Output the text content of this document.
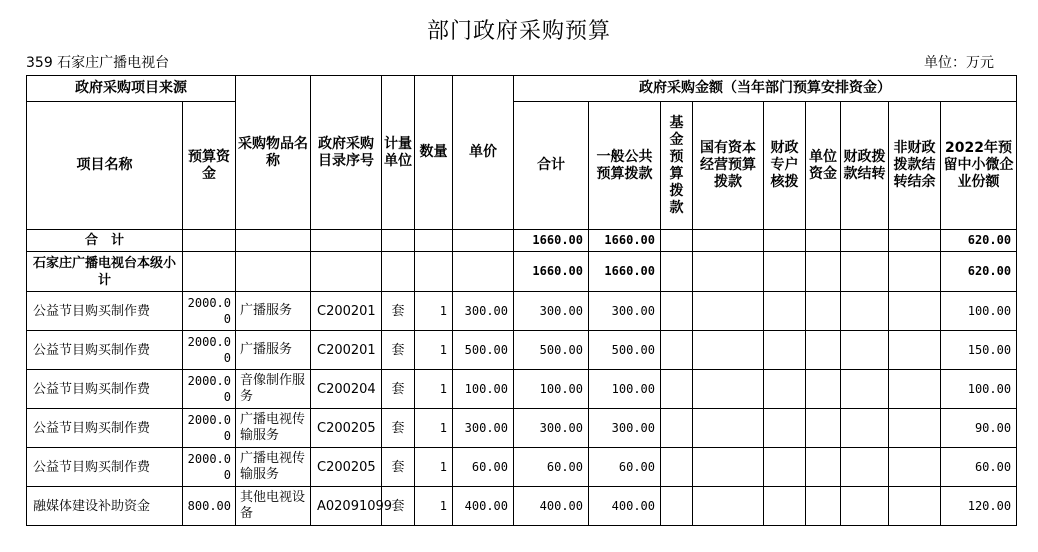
部门政府采购预算
359 石家庄广播电视台	单位：万元
政府采购项目来源		采购物品名称	政府采购目录序号	计量单位	数量	单价	政府采购金额（当年部门预算安排资金）								
项目名称	预算资金						合计	一般公共预算拨款	基金预算拨款	国有资本经营预算拨款	财政专户核拨	单位资金	财政拨款结转	非财政拨款结转结余	2022年预留中小微企业份额
合　计							1660.00	1660.00							620.00
石家庄广播电视台本级小计							1660.00	1660.00							620.00
公益节目购买制作费	2000.00	广播服务	C200201	套	1	300.00	300.00	300.00							100.00
公益节目购买制作费	2000.00	广播服务	C200201	套	1	500.00	500.00	500.00							150.00
公益节目购买制作费	2000.00	音像制作服务	C200204	套	1	100.00	100.00	100.00							100.00
公益节目购买制作费	2000.00	广播电视传输服务	C200205	套	1	300.00	300.00	300.00							90.00
公益节目购买制作费	2000.00	广播电视传输服务	C200205	套	1	60.00	60.00	60.00							60.00
融媒体建设补助资金	800.00	其他电视设备	A02091099	套	1	400.00	400.00	400.00							120.00
